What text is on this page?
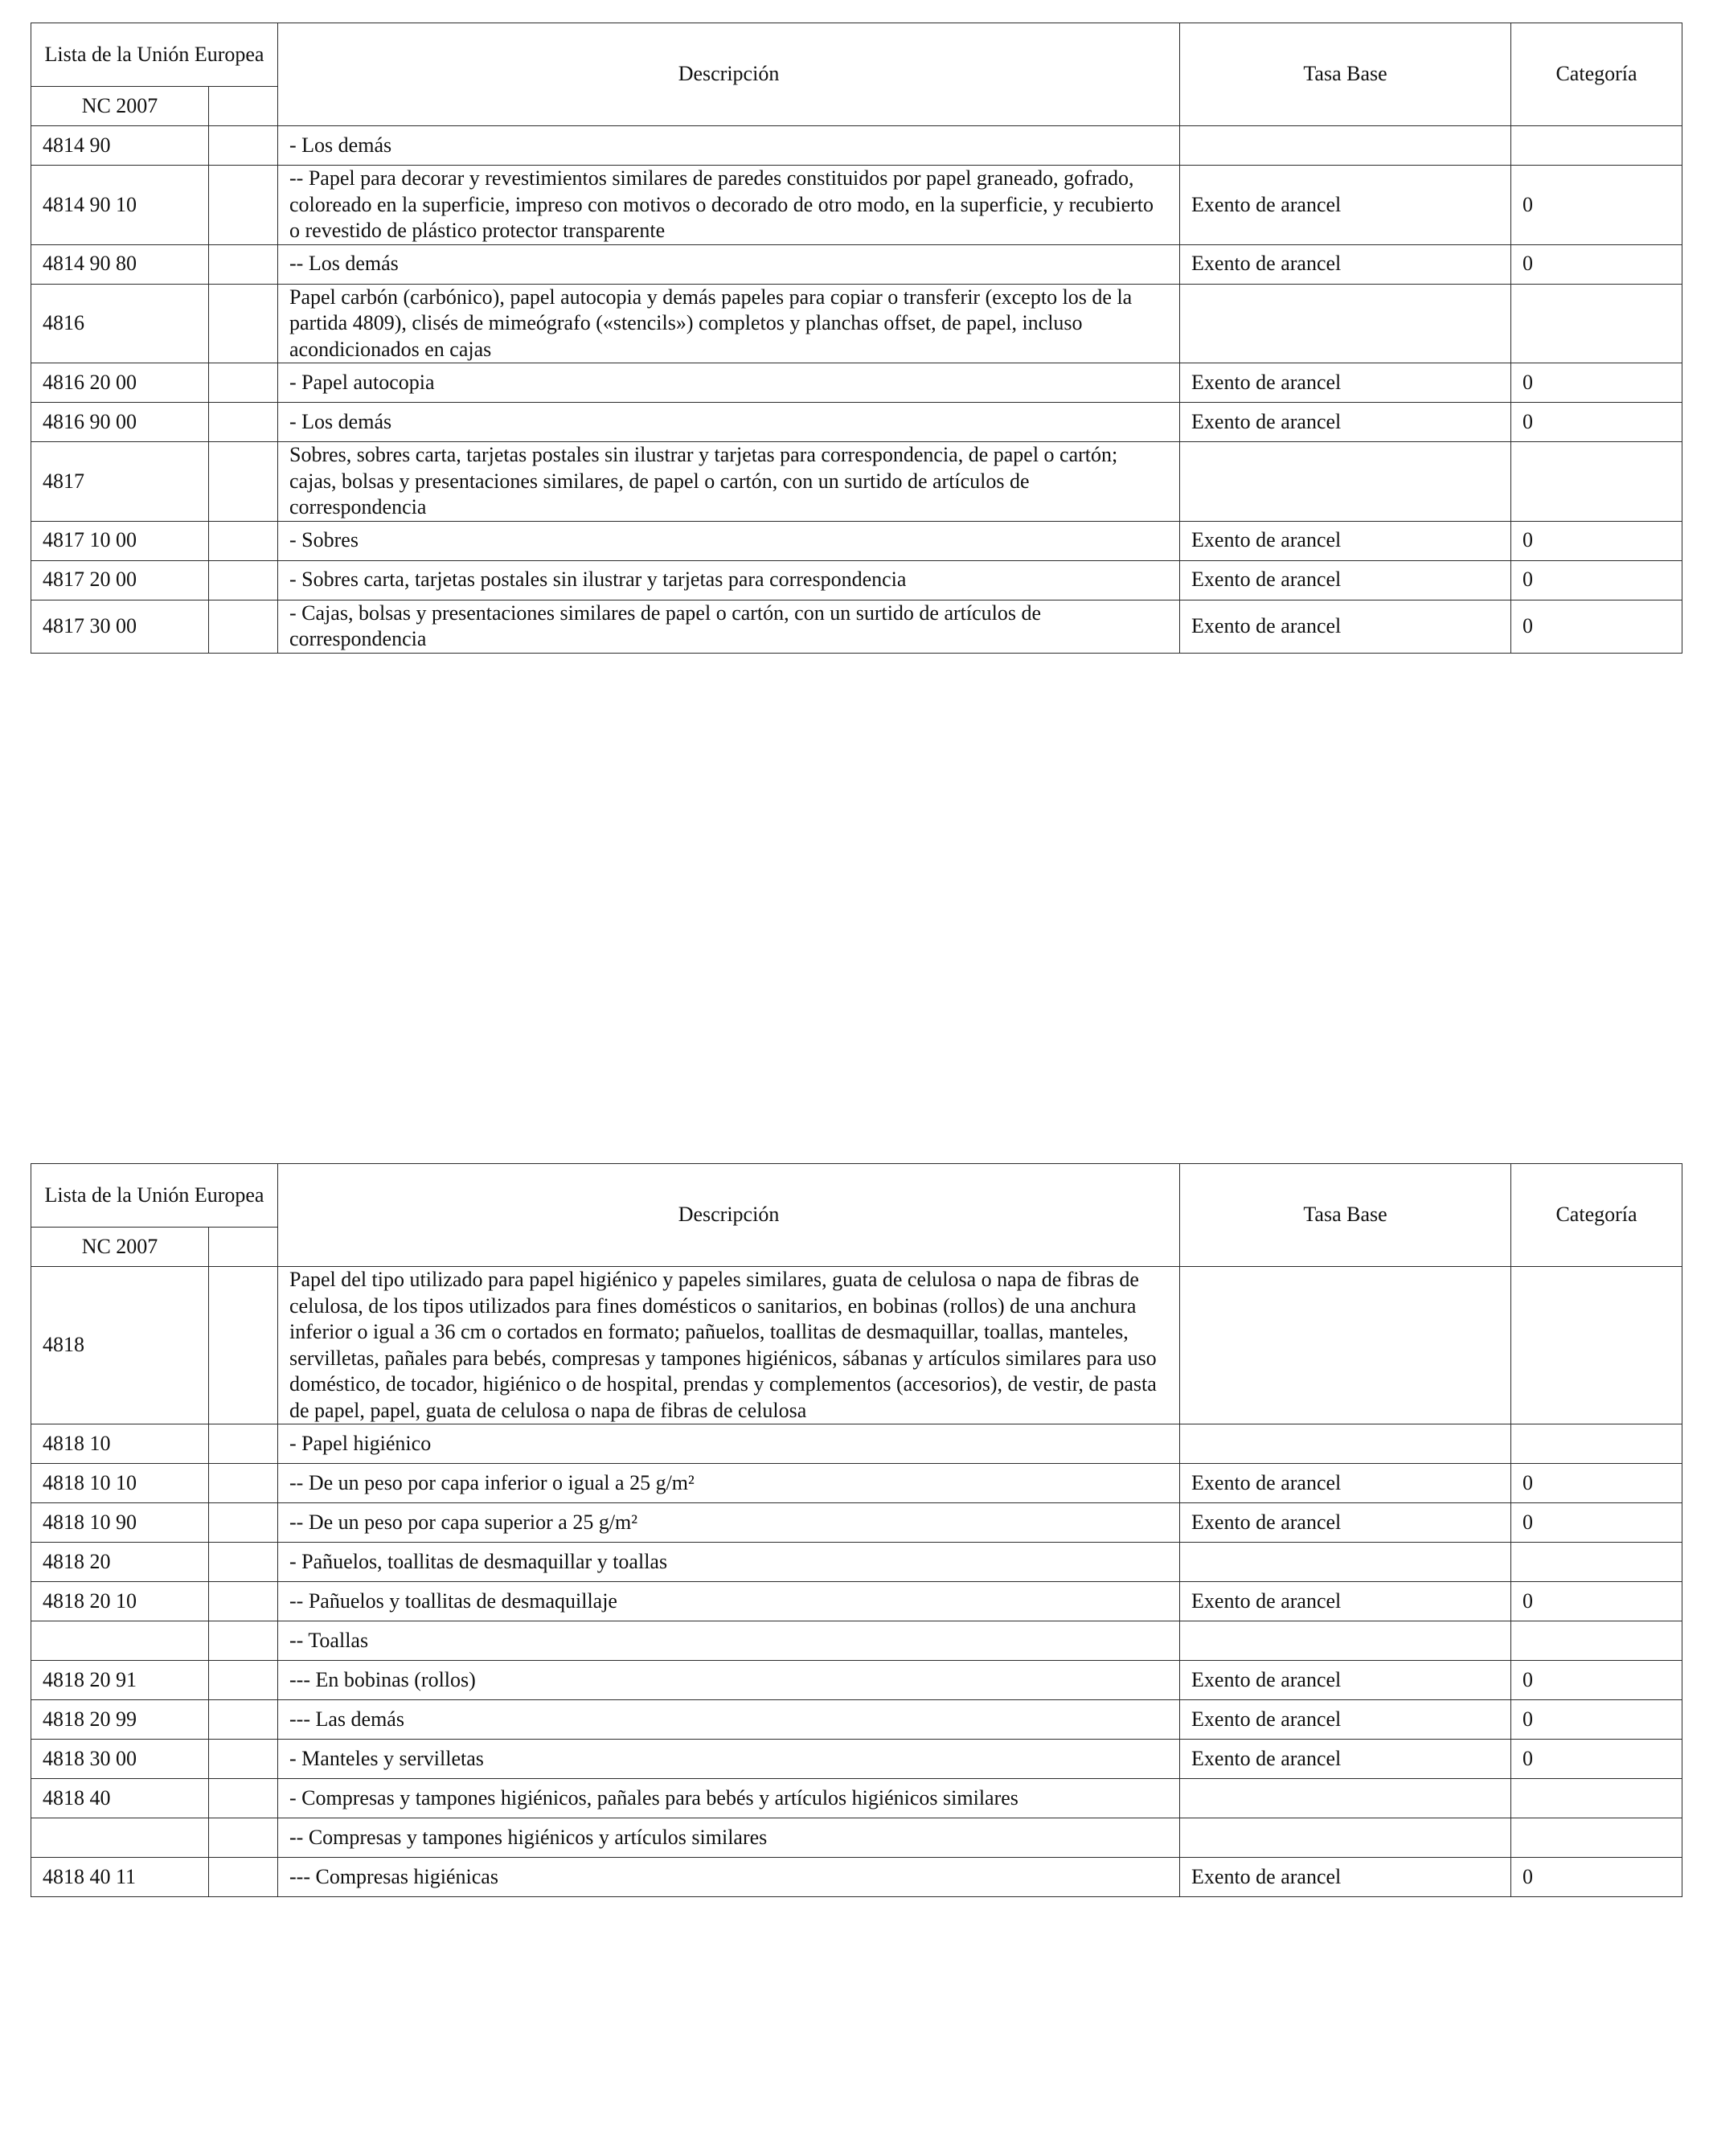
Lista de la Unión Europea		Descripción	Tasa Base	Categoría
NC 2007				
4814 90		- Los demás		
4814 90 10		-- Papel para decorar y revestimientos similares de paredes constituidos por papel graneado, gofrado, coloreado en la superficie, impreso con motivos o decorado de otro modo, en la superficie, y recubierto o revestido de plástico protector transparente	Exento de arancel	0
4814 90 80		-- Los demás	Exento de arancel	0
4816		Papel carbón (carbónico), papel autocopia y demás papeles para copiar o transferir (excepto los de la partida 4809), clisés de mimeógrafo («stencils») completos y planchas offset, de papel, incluso acondicionados en cajas		
4816 20 00		- Papel autocopia	Exento de arancel	0
4816 90 00		- Los demás	Exento de arancel	0
4817		Sobres, sobres carta, tarjetas postales sin ilustrar y tarjetas para correspondencia, de papel o cartón; cajas, bolsas y presentaciones similares, de papel o cartón, con un surtido de artículos de correspondencia		
4817 10 00		- Sobres	Exento de arancel	0
4817 20 00		- Sobres carta, tarjetas postales sin ilustrar y tarjetas para correspondencia	Exento de arancel	0
4817 30 00		- Cajas, bolsas y presentaciones similares de papel o cartón, con un surtido de artículos de correspondencia	Exento de arancel	0
Lista de la Unión Europea		Descripción	Tasa Base	Categoría
NC 2007				
4818		Papel del tipo utilizado para papel higiénico y papeles similares, guata de celulosa o napa de fibras de celulosa, de los tipos utilizados para fines domésticos o sanitarios, en bobinas (rollos) de una anchura inferior o igual a 36 cm o cortados en formato; pañuelos, toallitas de desmaquillar, toallas, manteles, servilletas, pañales para bebés, compresas y tampones higiénicos, sábanas y artículos similares para uso doméstico, de tocador, higiénico o de hospital, prendas y complementos (accesorios), de vestir, de pasta de papel, papel, guata de celulosa o napa de fibras de celulosa		
4818 10		- Papel higiénico		
4818 10 10		-- De un peso por capa inferior o igual a 25 g/m²	Exento de arancel	0
4818 10 90		-- De un peso por capa superior a 25 g/m²	Exento de arancel	0
4818 20		- Pañuelos, toallitas de desmaquillar y toallas		
4818 20 10		-- Pañuelos y toallitas de desmaquillaje	Exento de arancel	0
		-- Toallas		
4818 20 91		--- En bobinas (rollos)	Exento de arancel	0
4818 20 99		--- Las demás	Exento de arancel	0
4818 30 00		- Manteles y servilletas	Exento de arancel	0
4818 40		- Compresas y tampones higiénicos, pañales para bebés y artículos higiénicos similares		
		-- Compresas y tampones higiénicos y artículos similares		
4818 40 11		--- Compresas higiénicas	Exento de arancel	0
